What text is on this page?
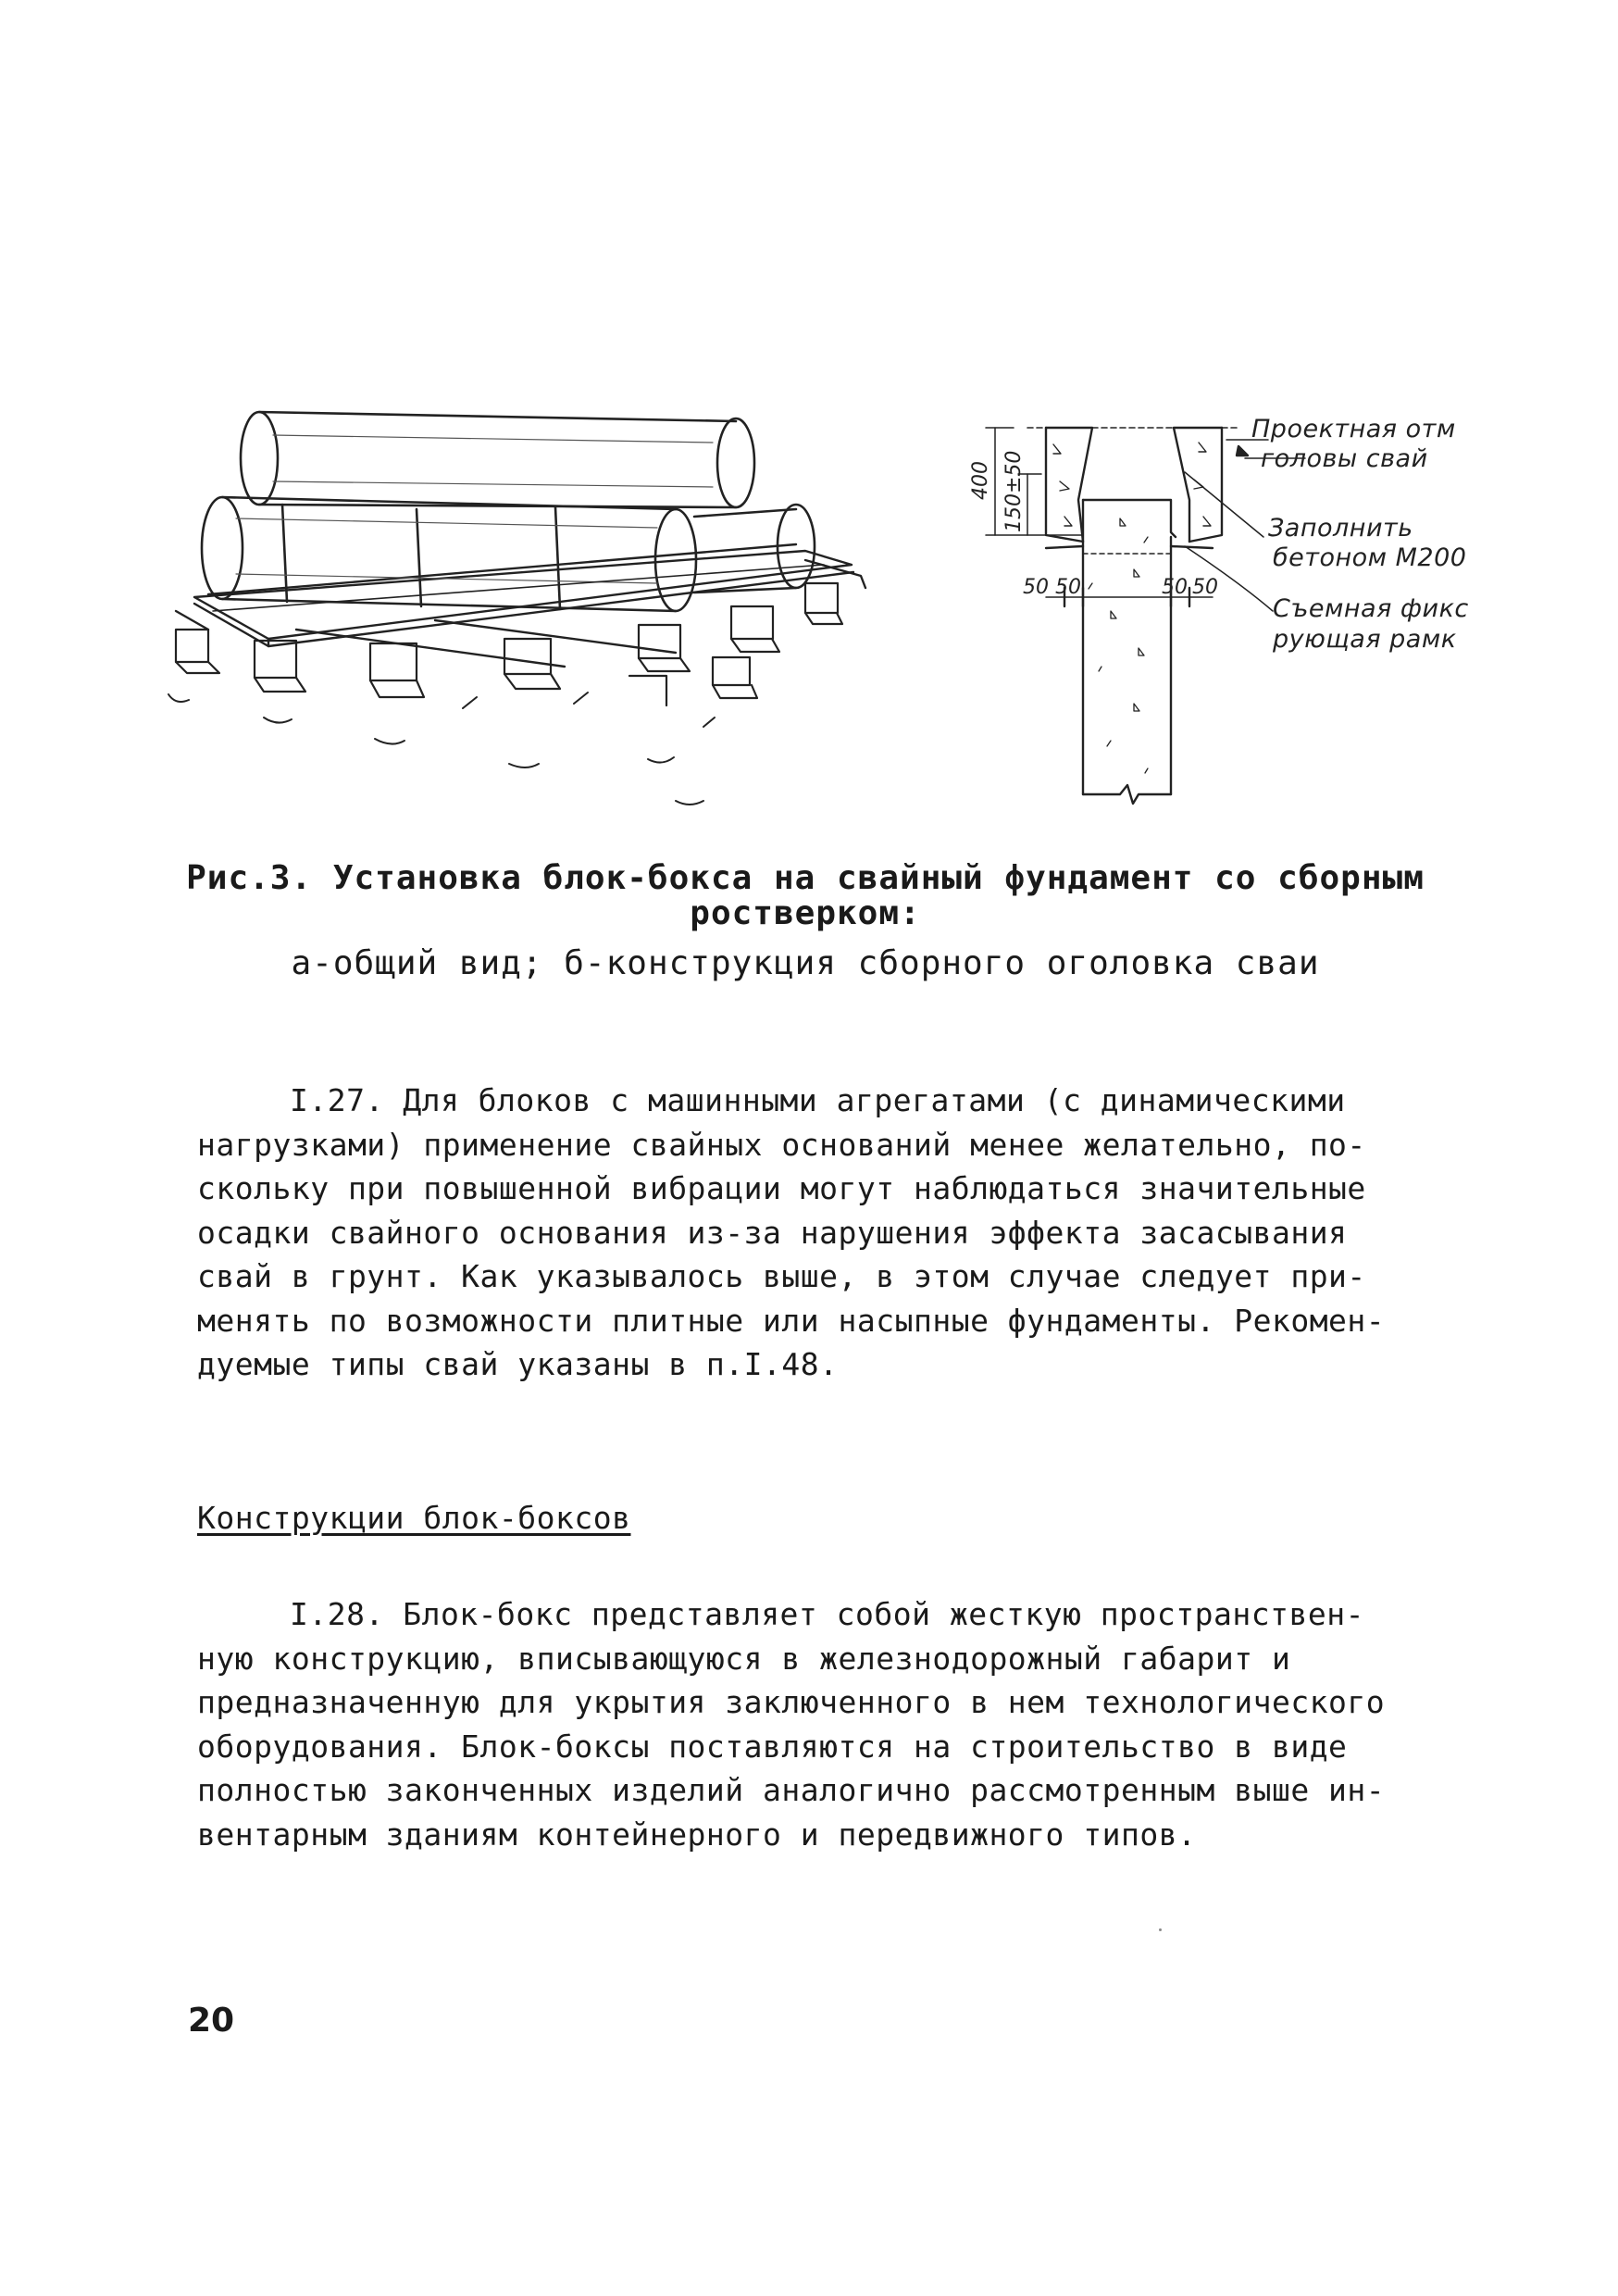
Проектная отм
головы свай
Заполнить
бетоном М200
Съемная фикс
рующая рамк
400 150±50
50 50	50 50
Рис.3. Установка блок-бокса на свайный фундамент со сборным
ростверком:
а-общий вид; б-конструкция сборного оголовка сваи
I.27. Для блоков с машинными агрегатами (с динамическими
нагрузками) применение свайных оснований менее желательно, по-
скольку при повышенной вибрации могут наблюдаться значительные
осадки свайного основания из-за нарушения эффекта засасывания
свай в грунт. Как указывалось выше, в этом случае следует при-
менять по возможности плитные или насыпные фундаменты. Рекомен-
дуемые типы свай указаны в п.I.48.
Конструкции блок-боксов
I.28. Блок-бокс представляет собой жесткую пространствен-
ную конструкцию, вписывающуюся в железнодорожный габарит и
предназначенную для укрытия заключенного в нем технологического
оборудования. Блок-боксы поставляются на строительство в виде
полностью законченных изделий аналогично рассмотренным выше ин-
вентарным зданиям контейнерного и передвижного типов.
20
